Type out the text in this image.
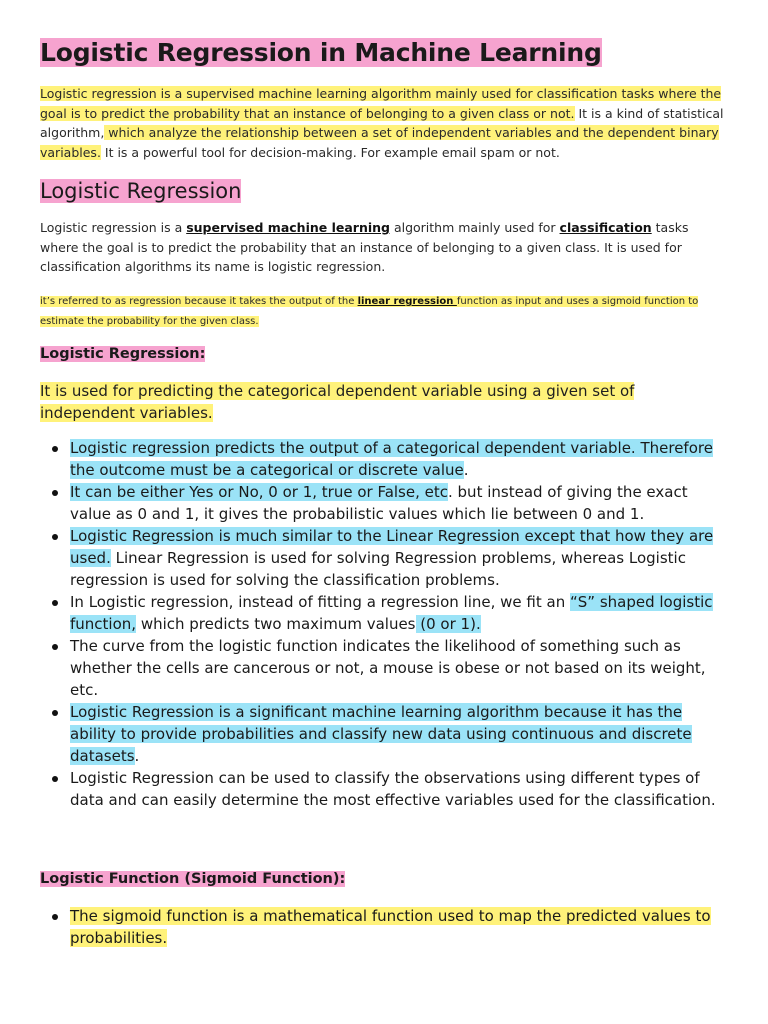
Logistic Regression in Machine Learning

Logistic regression is a supervised machine learning algorithm mainly used for classification tasks where the goal is to predict the probability that an instance of belonging to a given class or not. It is a kind of statistical algorithm, which analyze the relationship between a set of independent variables and the dependent binary variables. It is a powerful tool for decision-making. For example email spam or not.

Logistic Regression

Logistic regression is a supervised machine learning algorithm mainly used for classification tasks where the goal is to predict the probability that an instance of belonging to a given class. It is used for classification algorithms its name is logistic regression.

it’s referred to as regression because it takes the output of the linear regression function as input and uses a sigmoid function to estimate the probability for the given class.

Logistic Regression:

It is used for predicting the categorical dependent variable using a given set of independent variables.

Logistic regression predicts the output of a categorical dependent variable. Therefore the outcome must be a categorical or discrete value.
It can be either Yes or No, 0 or 1, true or False, etc. but instead of giving the exact value as 0 and 1, it gives the probabilistic values which lie between 0 and 1.
Logistic Regression is much similar to the Linear Regression except that how they are used. Linear Regression is used for solving Regression problems, whereas Logistic regression is used for solving the classification problems.
In Logistic regression, instead of fitting a regression line, we fit an “S” shaped logistic function, which predicts two maximum values (0 or 1).
The curve from the logistic function indicates the likelihood of something such as whether the cells are cancerous or not, a mouse is obese or not based on its weight, etc.
Logistic Regression is a significant machine learning algorithm because it has the ability to provide probabilities and classify new data using continuous and discrete datasets.
Logistic Regression can be used to classify the observations using different types of data and can easily determine the most effective variables used for the classification.
Logistic Function (Sigmoid Function):
The sigmoid function is a mathematical function used to map the predicted values to probabilities.
